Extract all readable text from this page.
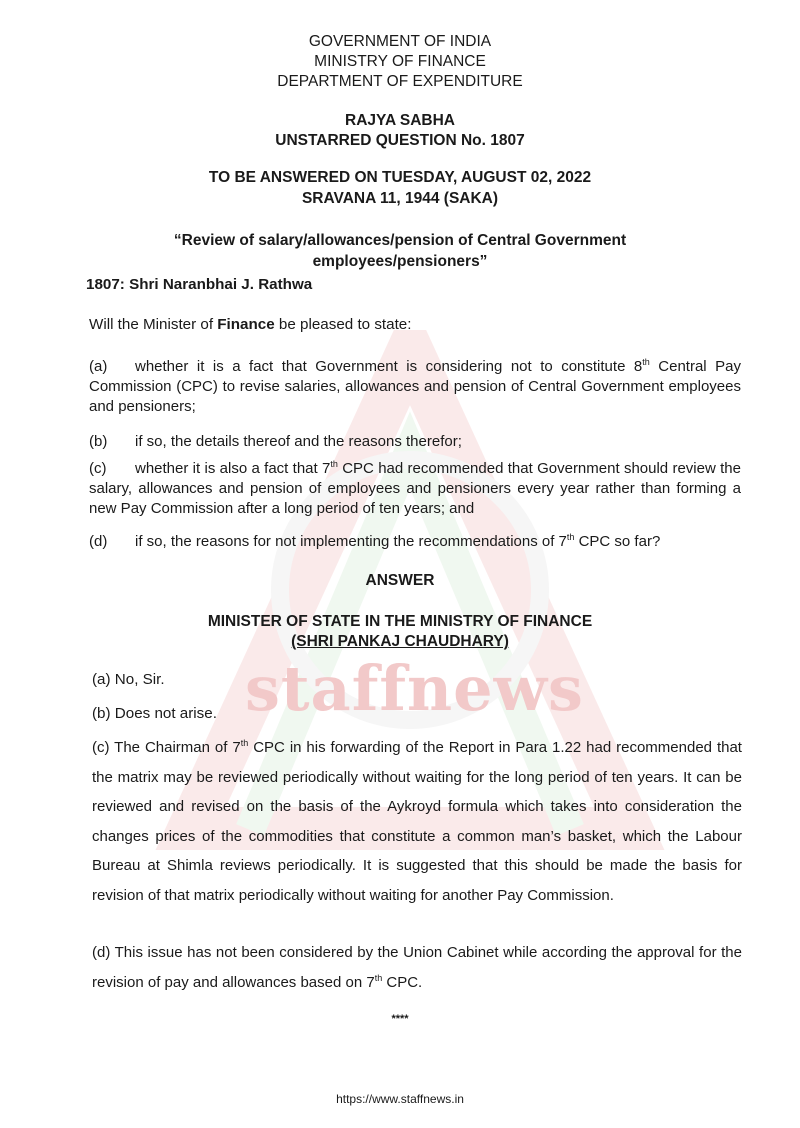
staffnews
GOVERNMENT OF INDIA
MINISTRY OF FINANCE
DEPARTMENT OF EXPENDITURE
RAJYA SABHA
UNSTARRED QUESTION No. 1807
TO BE ANSWERED ON TUESDAY, AUGUST 02, 2022
SRAVANA 11, 1944 (SAKA)
“Review of salary/allowances/pension of Central Government
employees/pensioners”
1807: Shri Naranbhai J. Rathwa
Will the Minister of Finance be pleased to state:
(a) whether it is a fact that Government is considering not to constitute 8th Central Pay Commission (CPC) to revise salaries, allowances and pension of Central Government employees and pensioners;
(b) if so, the details thereof and the reasons therefor;
(c) whether it is also a fact that 7th CPC had recommended that Government should review the salary, allowances and pension of employees and pensioners every year rather than forming a new Pay Commission after a long period of ten years; and
(d) if so, the reasons for not implementing the recommendations of 7th CPC so far?
ANSWER
MINISTER OF STATE IN THE MINISTRY OF FINANCE
(SHRI PANKAJ CHAUDHARY)
(a) No, Sir.
(b) Does not arise.
(c) The Chairman of 7th CPC in his forwarding of the Report in Para 1.22 had recommended that the matrix may be reviewed periodically without waiting for the long period of ten years. It can be reviewed and revised on the basis of the Aykroyd formula which takes into consideration the changes prices of the commodities that constitute a common man’s basket, which the Labour Bureau at Shimla reviews periodically. It is suggested that this should be made the basis for revision of that matrix periodically without waiting for another Pay Commission.
(d) This issue has not been considered by the Union Cabinet while according the approval for the revision of pay and allowances based on 7th CPC.
****
https://www.staffnews.in
